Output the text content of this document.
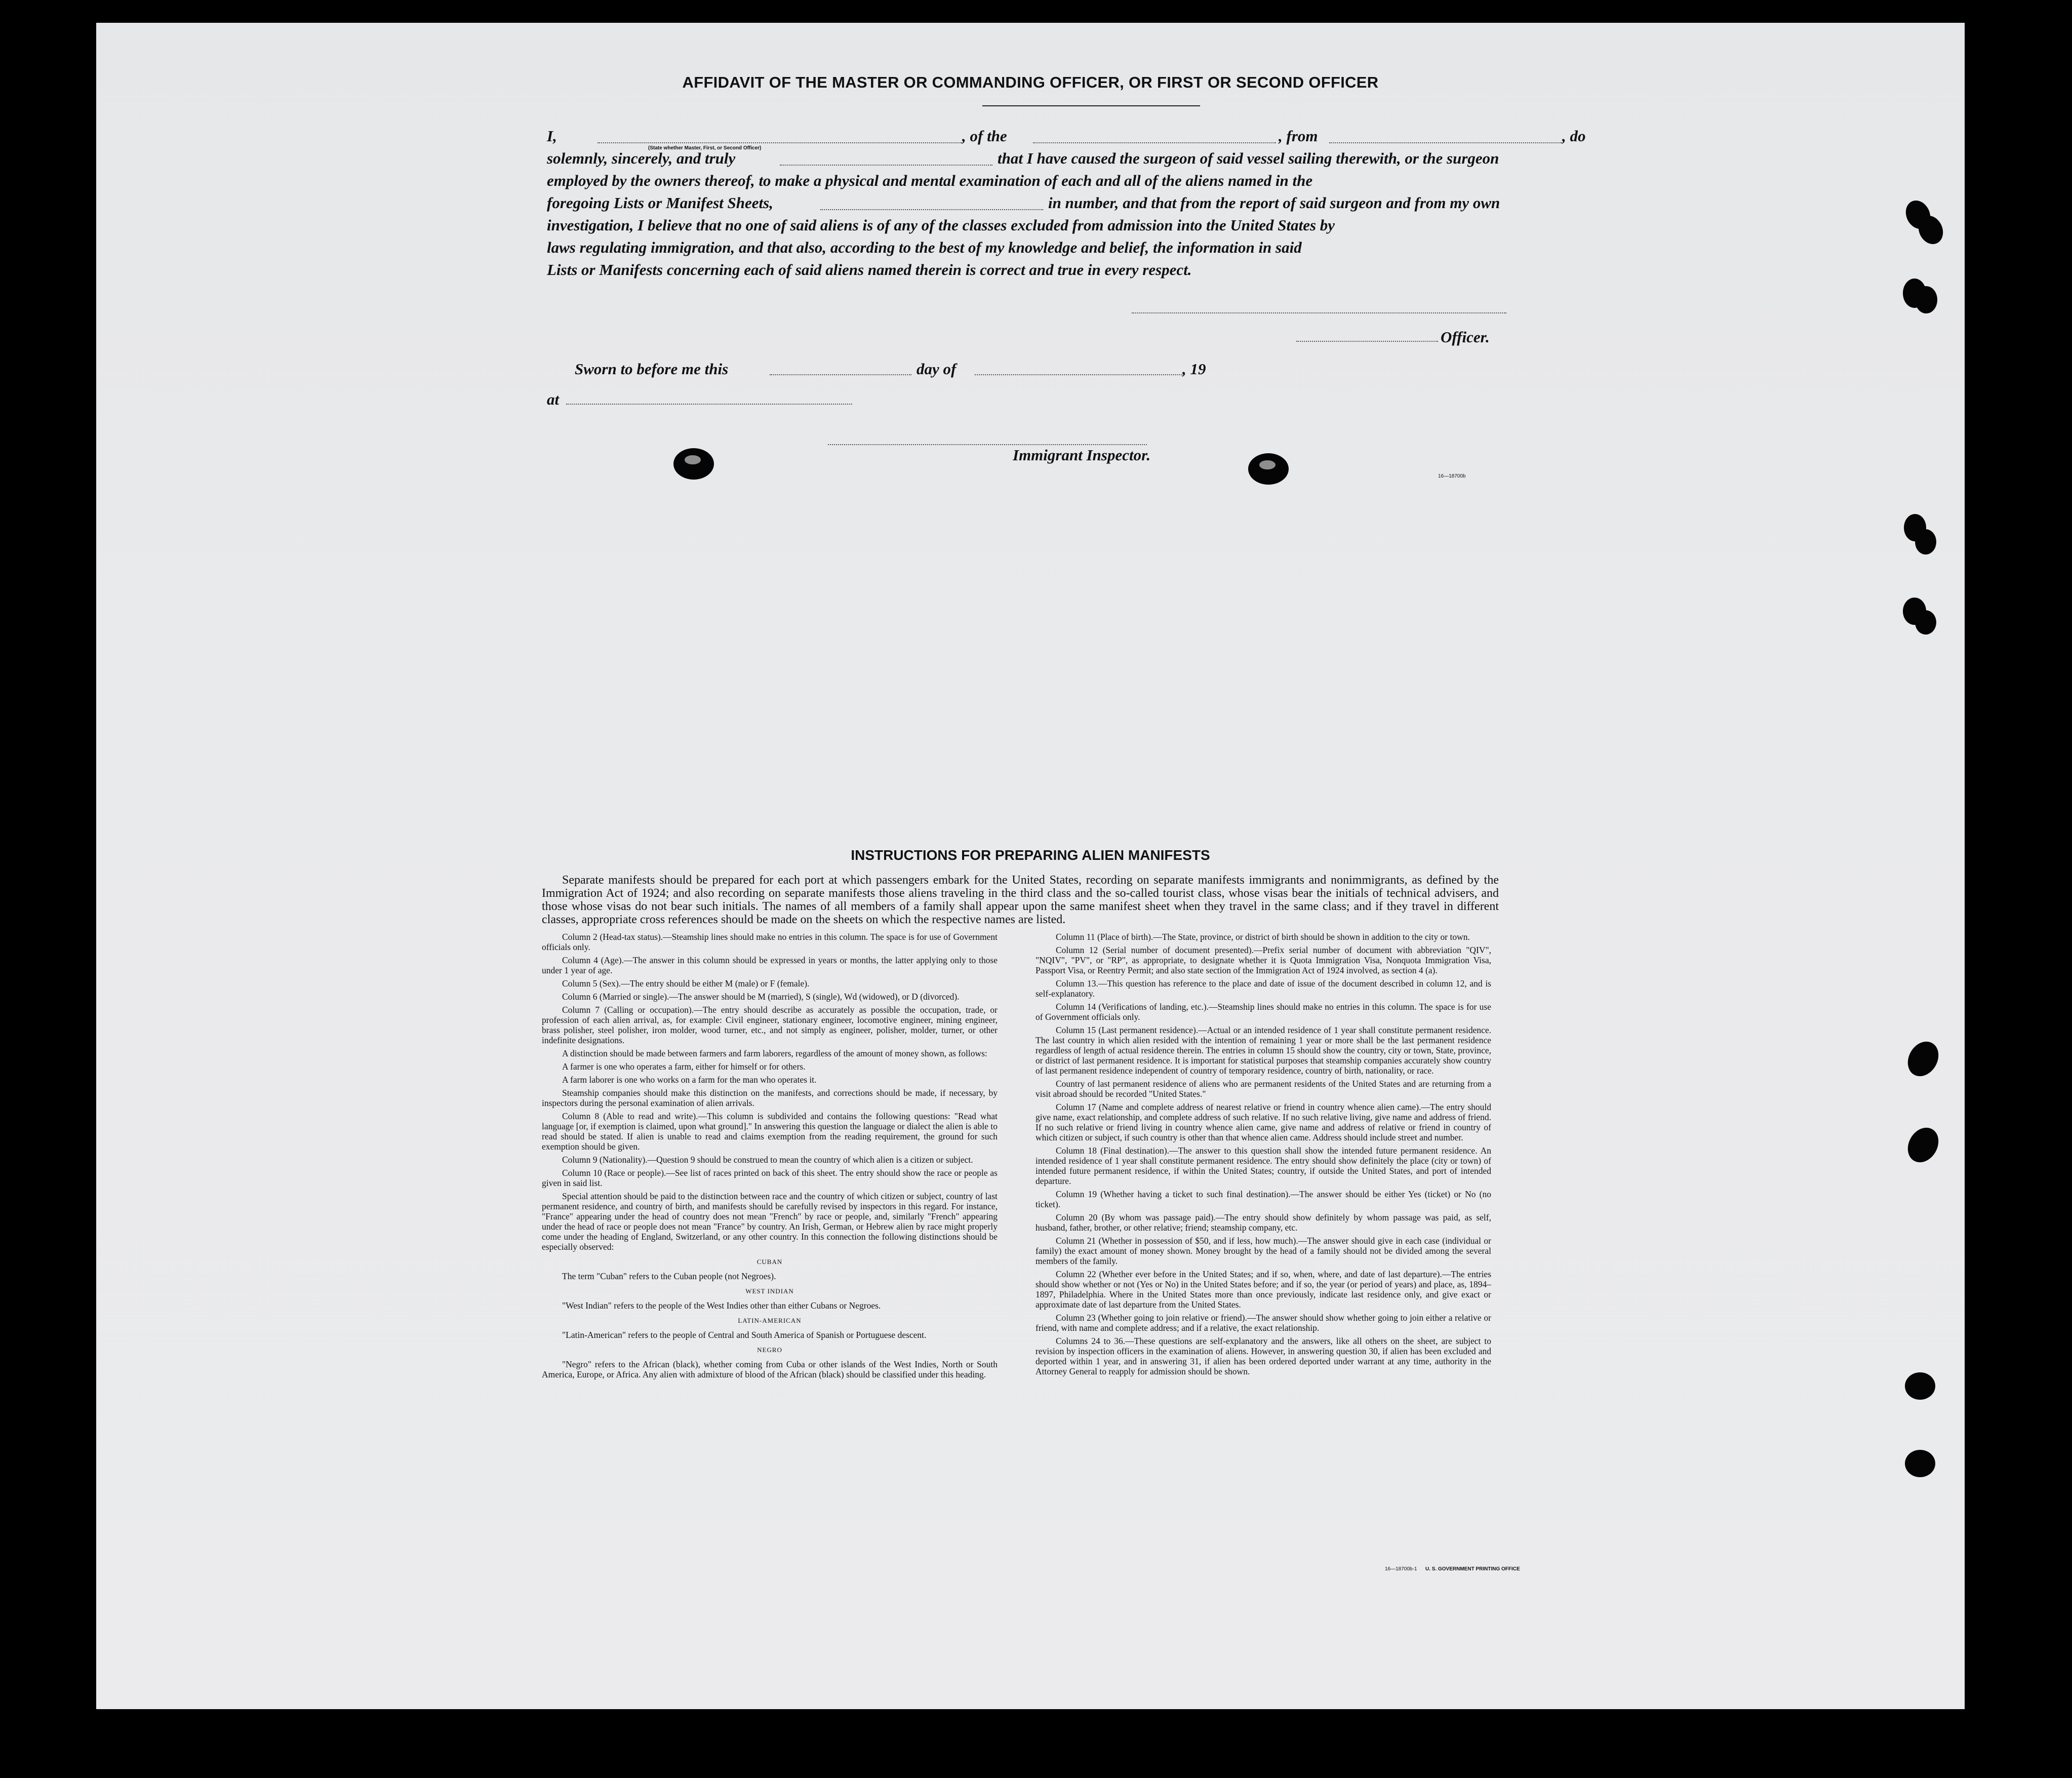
AFFIDAVIT OF THE MASTER OR COMMANDING OFFICER, OR FIRST OR SECOND OFFICER
I,	, of the	, from	, do
(State whether Master, First, or Second Officer)
solemnly, sincerely, and truly	that I have caused the surgeon of said vessel sailing therewith, or the surgeon
employed by the owners thereof, to make a physical and mental examination of each and all of the aliens named in the
foregoing Lists or Manifest Sheets,	in number, and that from the report of said surgeon and from my own
investigation, I believe that no one of said aliens is of any of the classes excluded from admission into the United States by
laws regulating immigration, and that also, according to the best of my knowledge and belief, the information in said
Lists or Manifests concerning each of said aliens named therein is correct and true in every respect.
Officer.
Sworn to before me this	day of	, 19
at
Immigrant Inspector.
16—18700b
INSTRUCTIONS FOR PREPARING ALIEN MANIFESTS
Separate manifests should be prepared for each port at which passengers embark for the United States, recording on separate manifests immigrants and nonimmigrants, as defined by the Immigration Act of 1924; and also recording on separate manifests those aliens traveling in the third class and the so-called tourist class, whose visas bear the initials of technical advisers, and those whose visas do not bear such initials. The names of all members of a family shall appear upon the same manifest sheet when they travel in the same class; and if they travel in different classes, appropriate cross references should be made on the sheets on which the respective names are listed.

Column 2 (Head-tax status).—Steamship lines should make no entries in this column. The space is for use of Government officials only.

Column 4 (Age).—The answer in this column should be expressed in years or months, the latter applying only to those under 1 year of age.

Column 5 (Sex).—The entry should be either M (male) or F (female).

Column 6 (Married or single).—The answer should be M (married), S (single), Wd (widowed), or D (divorced).

Column 7 (Calling or occupation).—The entry should describe as accurately as possible the occupation, trade, or profession of each alien arrival, as, for example: Civil engineer, stationary engineer, locomotive engineer, mining engineer, brass polisher, steel polisher, iron molder, wood turner, etc., and not simply as engineer, polisher, molder, turner, or other indefinite designations.

A distinction should be made between farmers and farm laborers, regardless of the amount of money shown, as follows:

A farmer is one who operates a farm, either for himself or for others.

A farm laborer is one who works on a farm for the man who operates it.

Steamship companies should make this distinction on the manifests, and corrections should be made, if necessary, by inspectors during the personal examination of alien arrivals.

Column 8 (Able to read and write).—This column is subdivided and contains the following questions: "Read what language [or, if exemption is claimed, upon what ground]." In answering this question the language or dialect the alien is able to read should be stated. If alien is unable to read and claims exemption from the reading requirement, the ground for such exemption should be given.

Column 9 (Nationality).—Question 9 should be construed to mean the country of which alien is a citizen or subject.

Column 10 (Race or people).—See list of races printed on back of this sheet. The entry should show the race or people as given in said list.

Special attention should be paid to the distinction between race and the country of which citizen or subject, country of last permanent residence, and country of birth, and manifests should be carefully revised by inspectors in this regard. For instance, "France" appearing under the head of country does not mean "French" by race or people, and, similarly "French" appearing under the head of race or people does not mean "France" by country. An Irish, German, or Hebrew alien by race might properly come under the heading of England, Switzerland, or any other country. In this connection the following distinctions should be especially observed:

CUBAN

The term "Cuban" refers to the Cuban people (not Negroes).

WEST INDIAN

"West Indian" refers to the people of the West Indies other than either Cubans or Negroes.

LATIN-AMERICAN

"Latin-American" refers to the people of Central and South America of Spanish or Portuguese descent.

NEGRO

"Negro" refers to the African (black), whether coming from Cuba or other islands of the West Indies, North or South America, Europe, or Africa. Any alien with admixture of blood of the African (black) should be classified under this heading.

Column 11 (Place of birth).—The State, province, or district of birth should be shown in addition to the city or town.

Column 12 (Serial number of document presented).—Prefix serial number of document with abbreviation "QIV", "NQIV", "PV", or "RP", as appropriate, to designate whether it is Quota Immigration Visa, Nonquota Immigration Visa, Passport Visa, or Reentry Permit; and also state section of the Immigration Act of 1924 involved, as section 4 (a).

Column 13.—This question has reference to the place and date of issue of the document described in column 12, and is self-explanatory.

Column 14 (Verifications of landing, etc.).—Steamship lines should make no entries in this column. The space is for use of Government officials only.

Column 15 (Last permanent residence).—Actual or an intended residence of 1 year shall constitute permanent residence. The last country in which alien resided with the intention of remaining 1 year or more shall be the last permanent residence regardless of length of actual residence therein. The entries in column 15 should show the country, city or town, State, province, or district of last permanent residence. It is important for statistical purposes that steamship companies accurately show country of last permanent residence independent of country of temporary residence, country of birth, nationality, or race.

Country of last permanent residence of aliens who are permanent residents of the United States and are returning from a visit abroad should be recorded "United States."

Column 17 (Name and complete address of nearest relative or friend in country whence alien came).—The entry should give name, exact relationship, and complete address of such relative. If no such relative living, give name and address of friend. If no such relative or friend living in country whence alien came, give name and address of relative or friend in country of which citizen or subject, if such country is other than that whence alien came. Address should include street and number.

Column 18 (Final destination).—The answer to this question shall show the intended future permanent residence. An intended residence of 1 year shall constitute permanent residence. The entry should show definitely the place (city or town) of intended future permanent residence, if within the United States; country, if outside the United States, and port of intended departure.

Column 19 (Whether having a ticket to such final destination).—The answer should be either Yes (ticket) or No (no ticket).

Column 20 (By whom was passage paid).—The entry should show definitely by whom passage was paid, as self, husband, father, brother, or other relative; friend; steamship company, etc.

Column 21 (Whether in possession of $50, and if less, how much).—The answer should give in each case (individual or family) the exact amount of money shown. Money brought by the head of a family should not be divided among the several members of the family.

Column 22 (Whether ever before in the United States; and if so, when, where, and date of last departure).—The entries should show whether or not (Yes or No) in the United States before; and if so, the year (or period of years) and place, as, 1894–1897, Philadelphia. Where in the United States more than once previously, indicate last residence only, and give exact or approximate date of last departure from the United States.

Column 23 (Whether going to join relative or friend).—The answer should show whether going to join either a relative or friend, with name and complete address; and if a relative, the exact relationship.

Columns 24 to 36.—These questions are self-explanatory and the answers, like all others on the sheet, are subject to revision by inspection officers in the examination of aliens. However, in answering question 30, if alien has been excluded and deported within 1 year, and in answering 31, if alien has been ordered deported under warrant at any time, authority in the Attorney General to reapply for admission should be shown.

16—18700b-1 U. S. GOVERNMENT PRINTING OFFICE
